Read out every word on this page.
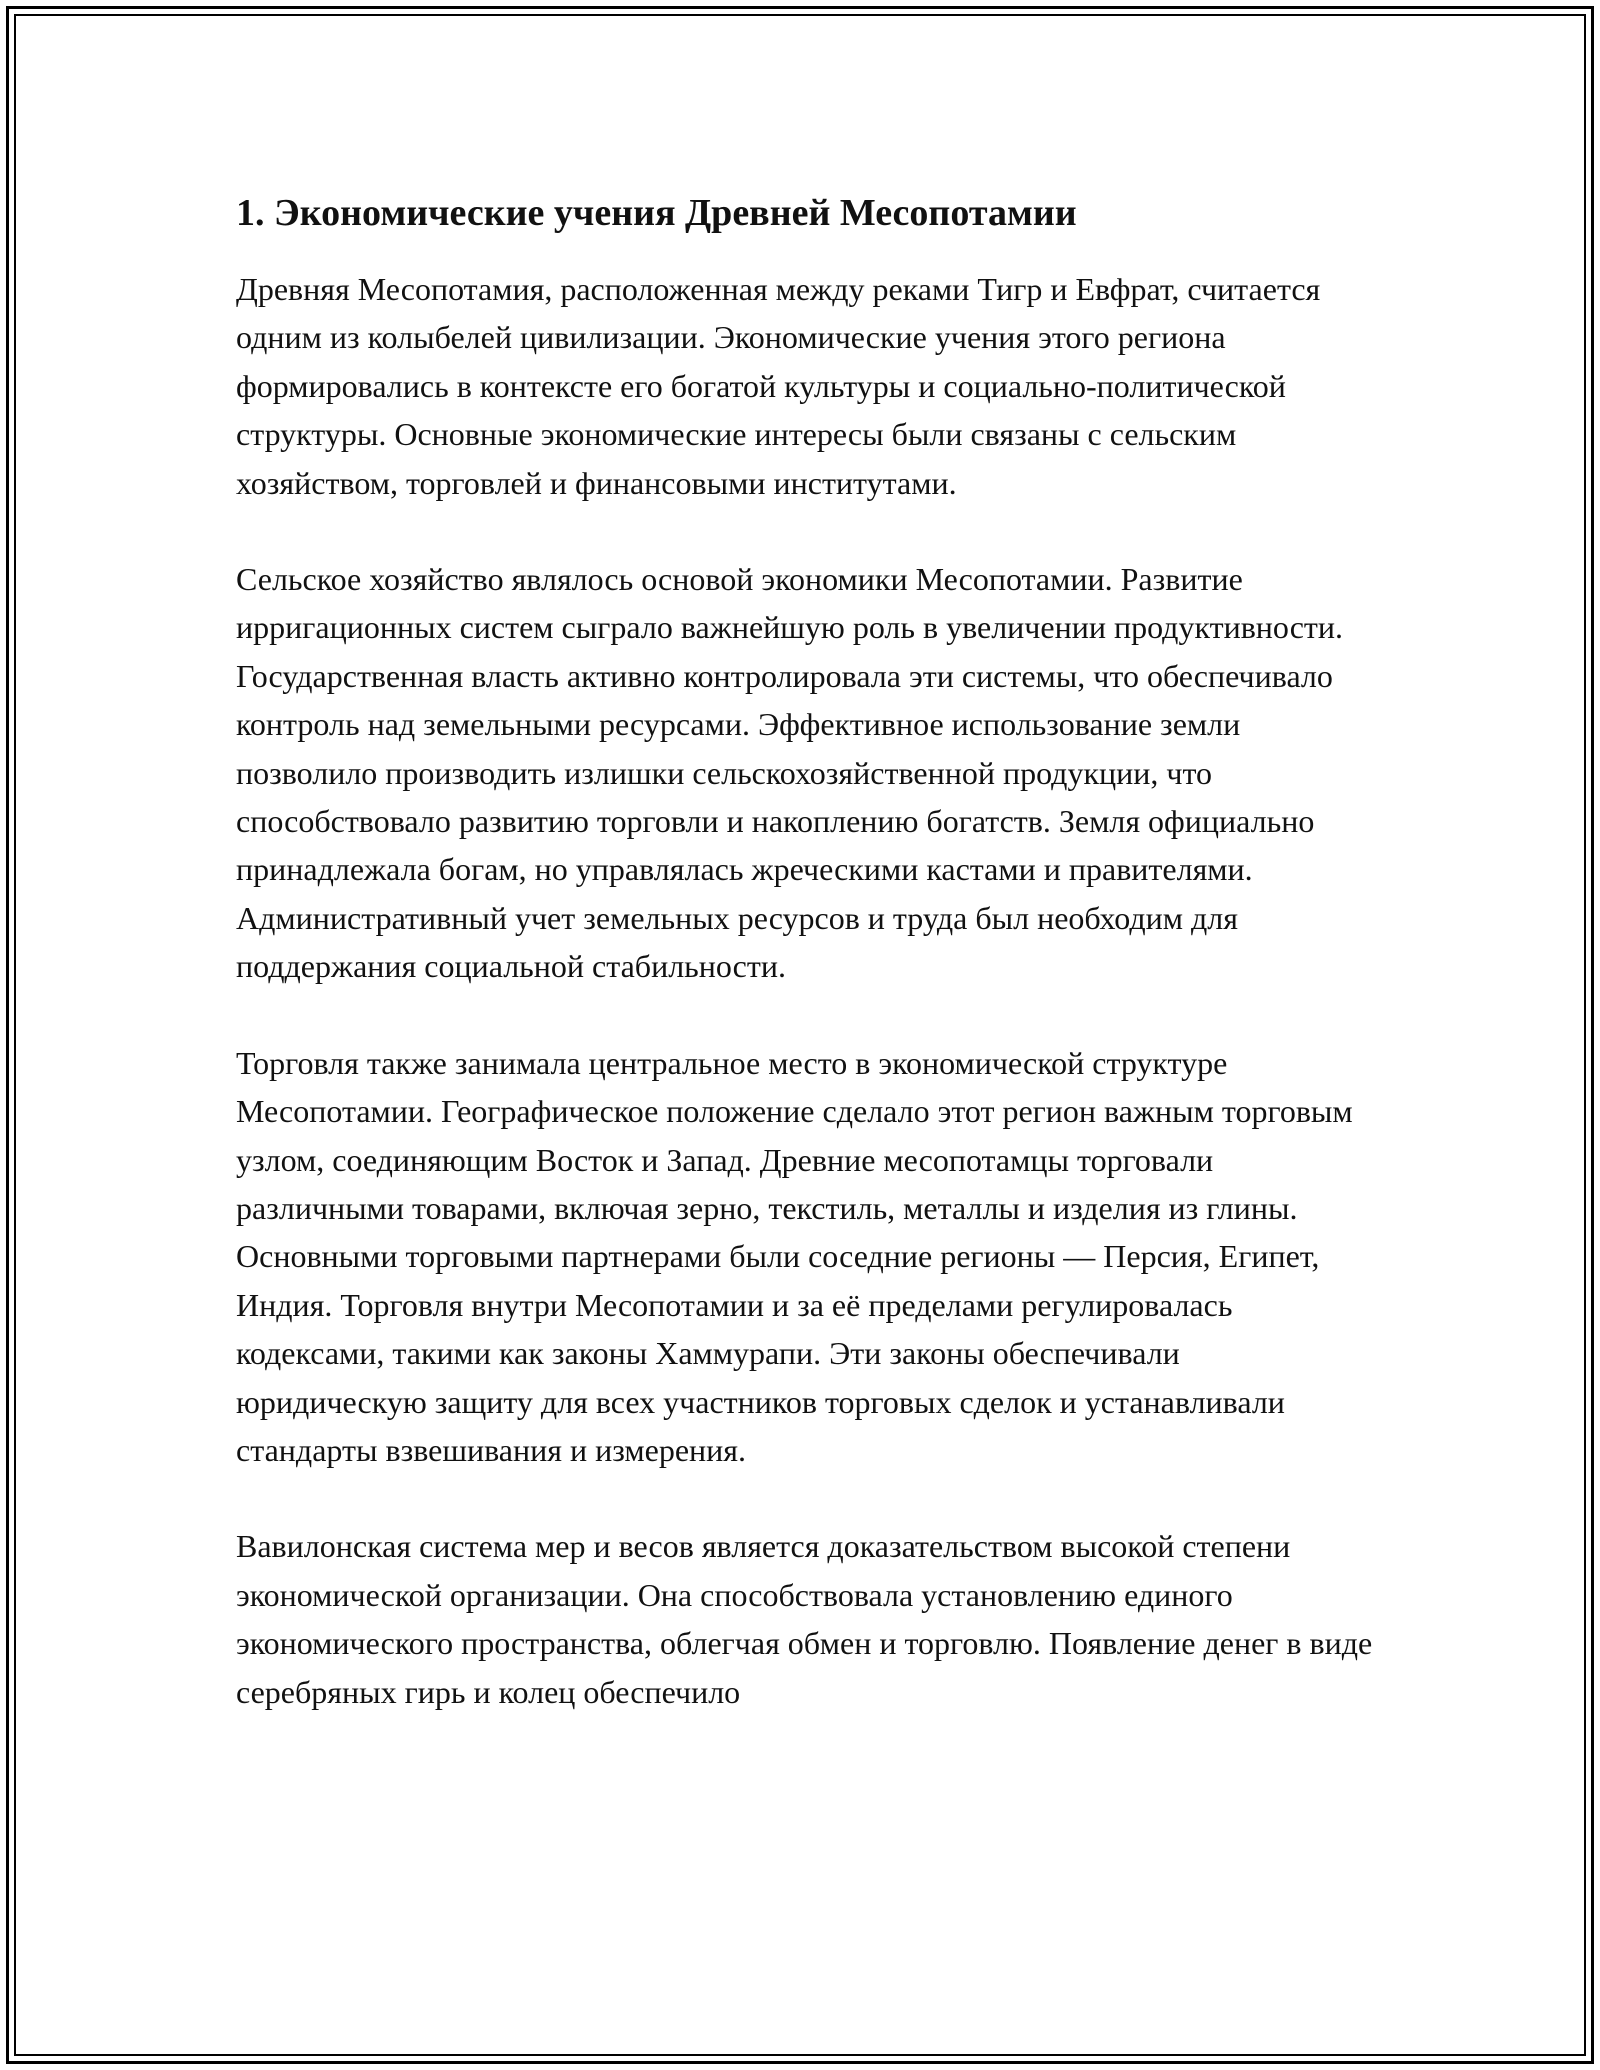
1. Экономические учения Древней Месопотамии

Древняя Месопотамия, расположенная между реками Тигр и Евфрат, считается одним из колыбелей цивилизации. Экономические учения этого региона формировались в контексте его богатой культуры и социально-политической структуры. Основные экономические интересы были связаны с сельским хозяйством, торговлей и финансовыми институтами.

Сельское хозяйство являлось основой экономики Месопотамии. Развитие ирригационных систем сыграло важнейшую роль в увеличении продуктивности. Государственная власть активно контролировала эти системы, что обеспечивало контроль над земельными ресурсами. Эффективное использование земли позволило производить излишки сельскохозяйственной продукции, что способствовало развитию торговли и накоплению богатств. Земля официально принадлежала богам, но управлялась жреческими кастами и правителями. Административный учет земельных ресурсов и труда был необходим для поддержания социальной стабильности.

Торговля также занимала центральное место в экономической структуре Месопотамии. Географическое положение сделало этот регион важным торговым узлом, соединяющим Восток и Запад. Древние месопотамцы торговали различными товарами, включая зерно, текстиль, металлы и изделия из глины. Основными торговыми партнерами были соседние регионы — Персия, Египет, Индия. Торговля внутри Месопотамии и за её пределами регулировалась кодексами, такими как законы Хаммурапи. Эти законы обеспечивали юридическую защиту для всех участников торговых сделок и устанавливали стандарты взвешивания и измерения.

Вавилонская система мер и весов является доказательством высокой степени экономической организации. Она способствовала установлению единого экономического пространства, облегчая обмен и торговлю. Появление денег в виде серебряных гирь и колец обеспечило
